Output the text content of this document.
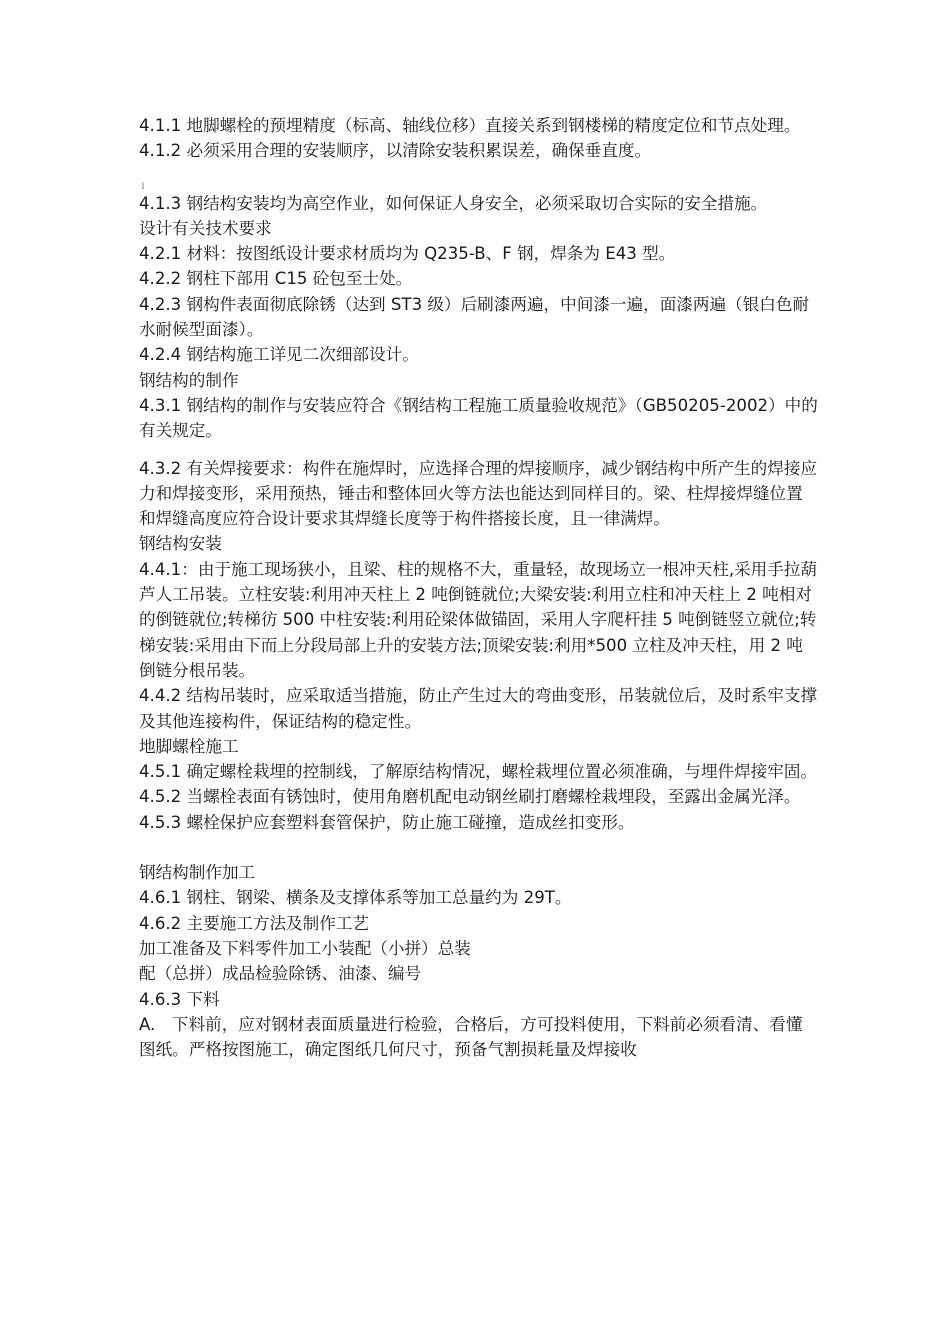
4.1.1 地脚螺栓的预埋精度（标高、轴线位移）直接关系到钢楼梯的精度定位和节点处理。

4.1.2 必须采用合理的安装顺序，以清除安装积累误差，确保垂直度。

ｌ

4.1.3 钢结构安装均为高空作业，如何保证人身安全，必须采取切合实际的安全措施。

设计有关技术要求

4.2.1 材料：按图纸设计要求材质均为 Q235-B、F 钢，焊条为 E43 型。

4.2.2 钢柱下部用 C15 砼包至士处。

4.2.3 钢构件表面彻底除锈（达到 ST3 级）后刷漆两遍，中间漆一遍，面漆两遍（银白色耐水耐候型面漆）。

4.2.4 钢结构施工详见二次细部设计。

钢结构的制作

4.3.1 钢结构的制作与安装应符合《钢结构工程施工质量验收规范》（GB50205-2002）中的有关规定。

4.3.2 有关焊接要求：构件在施焊时，应选择合理的焊接顺序，减少钢结构中所产生的焊接应力和焊接变形，采用预热，锤击和整体回火等方法也能达到同样目的。梁、柱焊接焊缝位置和焊缝高度应符合设计要求其焊缝长度等于构件搭接长度，且一律满焊。

钢结构安装

4.4.1：由于施工现场狭小，且梁、柱的规格不大，重量轻，故现场立一根冲天柱,采用手拉葫芦人工吊装。立柱安装:利用冲天柱上 2 吨倒链就位;大梁安装:利用立柱和冲天柱上 2 吨相对的倒链就位;转梯彷 500 中柱安装:利用砼梁体做锚固，采用人字爬杆挂 5 吨倒链竖立就位;转梯安装:采用由下而上分段局部上升的安装方法;顶梁安装:利用*500 立柱及冲天柱，用 2 吨倒链分根吊装。

4.4.2 结构吊装时，应采取适当措施，防止产生过大的弯曲变形，吊装就位后，及时系牢支撑及其他连接构件，保证结构的稳定性。

地脚螺栓施工

4.5.1 确定螺栓栽埋的控制线，了解原结构情况，螺栓栽埋位置必须准确，与埋件焊接牢固。

4.5.2 当螺栓表面有锈蚀时，使用角磨机配电动钢丝刷打磨螺栓栽埋段，至露出金属光泽。

4.5.3 螺栓保护应套塑料套管保护，防止施工碰撞，造成丝扣变形。

钢结构制作加工

4.6.1 钢柱、钢梁、横条及支撑体系等加工总量约为 29T。

4.6.2 主要施工方法及制作工艺

加工准备及下料零件加工小装配（小拼）总装

配（总拼）成品检验除锈、油漆、编号

4.6.3 下料

A.　下料前，应对钢材表面质量进行检验，合格后，方可投料使用，下料前必须看清、看懂图纸。严格按图施工，确定图纸几何尺寸，预备气割损耗量及焊接收
